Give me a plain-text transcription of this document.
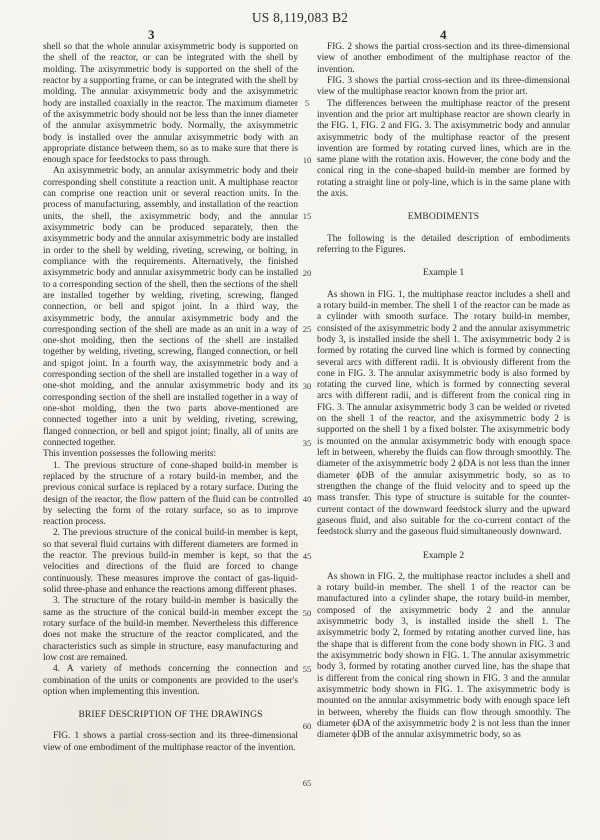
US 8,119,083 B2
3	4

shell so that the whole annular axisymmetric body is supported on the shell of the reactor, or can be integrated with the shell by molding. The axisymmetric body is supported on the shell of the reactor by a supporting frame, or can be integrated with the shell by molding. The annular axisymmetric body and the axisymmetric body are installed coaxially in the reactor. The maximum diameter of the axisymmetric body should not be less than the inner diameter of the annular axisymmetric body. Normally, the axisymmetric body is installed over the annular axisymmetric body with an appropriate distance between them, so as to make sure that there is enough space for feedstocks to pass through.

An axisymmetric body, an annular axisymmetric body and their corresponding shell constitute a reaction unit. A multiphase reactor can comprise one reaction unit or several reaction units. In the process of manufacturing, assembly, and installation of the reaction units, the shell, the axisymmetric body, and the annular axisymmetric body can be produced separately, then the axisymmetric body and the annular axisymmetric body are installed in order to the shell by welding, riveting, screwing, or bolting, in compliance with the requirements. Alternatively, the finished axisymmetric body and annular axisymmetric body can be installed to a corresponding section of the shell, then the sections of the shell are installed together by welding, riveting, screwing, flanged connection, or bell and spigot joint. In a third way, the axisymmetric body, the annular axisymmetric body and the corresponding section of the shell are made as an unit in a way of one-shot molding, then the sections of the shell are installed together by welding, riveting, screwing, flanged connection, or bell and spigot joint. In a fourth way, the axisymmetric body and a corresponding section of the shell are installed together in a way of one-shot molding, and the annular axisymmetric body and its corresponding section of the shell are installed together in a way of one-shot molding, then the two parts above-mentioned are connected together into a unit by welding, riveting, screwing, flanged connection, or bell and spigot joint; finally, all of units are connected together.

This invention possesses the following merits:

1. The previous structure of cone-shaped build-in member is replaced by the structure of a rotary build-in member, and the previous conical surface is replaced by a rotary surface. During the design of the reactor, the flow pattern of the fluid can be controlled by selecting the form of the rotary surface, so as to improve reaction process.

2. The previous structure of the conical build-in member is kept, so that several fluid curtains with different diameters are formed in the reactor. The previous build-in member is kept, so that the velocities and directions of the fluid are forced to change continuously. These measures improve the contact of gas-liquid-solid three-phase and enhance the reactions among different phases.

3. The structure of the rotary build-in member is basically the same as the structure of the conical build-in member except the rotary surface of the build-in member. Nevertheless this difference does not make the structure of the reactor complicated, and the characteristics such as simple in structure, easy manufacturing and low cost are remained.

4. A variety of methods concerning the connection and combination of the units or components are provided to the user's option when implementing this invention.

BRIEF DESCRIPTION OF THE DRAWINGS

FIG. 1 shows a partial cross-section and its three-dimensional view of one embodiment of the multiphase reactor of the invention.

FIG. 2 shows the partial cross-section and its three-dimensional view of another embodiment of the multiphase reactor of the invention.

FIG. 3 shows the partial cross-section and its three-dimensional view of the multiphase reactor known from the prior art.

The differences between the multiphase reactor of the present invention and the prior art multiphase reactor are shown clearly in the FIG. 1, FIG. 2 and FIG. 3. The axisymmetric body and annular axisymmetric body of the multiphase reactor of the present invention are formed by rotating curved lines, which are in the same plane with the rotation axis. However, the cone body and the conical ring in the cone-shaped build-in member are formed by rotating a straight line or poly-line, which is in the same plane with the axis.

EMBODIMENTS

The following is the detailed description of embodiments referring to the Figures.

Example 1

As shown in FIG. 1, the multiphase reactor includes a shell and a rotary build-in member. The shell 1 of the reactor can be made as a cylinder with smooth surface. The rotary build-in member, consisted of the axisymmetric body 2 and the annular axisymmetric body 3, is installed inside the shell 1. The axisymmetric body 2 is formed by rotating the curved line which is formed by connecting several arcs with different radii. It is obviously different from the cone in FIG. 3. The annular axisymmetric body is also formed by rotating the curved line, which is formed by connecting several arcs with different radii, and is different from the conical ring in FIG. 3. The annular axisymmetric body 3 can be welded or riveted on the shell 1 of the reactor, and the axisymmetric body 2 is supported on the shell 1 by a fixed bolster. The axisymmetric body is mounted on the annular axisymmetric body with enough space left in between, whereby the fluids can flow through smoothly. The diameter of the axisymmetric body 2 ϕDA is not less than the inner diameter ϕDB of the annular axisymmetric body, so as to strengthen the change of the fluid velocity and to speed up the mass transfer. This type of structure is suitable for the counter-current contact of the downward feedstock slurry and the upward gaseous fluid, and also suitable for the co-current contact of the feedstock slurry and the gaseous fluid simultaneously downward.

Example 2

As shown in FIG. 2, the multiphase reactor includes a shell and a rotary build-in member. The shell 1 of the reactor can be manufactured into a cylinder shape, the rotary build-in member, composed of the axisymmetric body 2 and the annular axisymmetric body 3, is installed inside the shell 1. The axisymmetric body 2, formed by rotating another curved line, has the shape that is different from the cone body shown in FIG. 3 and the axisymmetric body shown in FIG. 1. The annular axisymmetric body 3, formed by rotating another curved line, has the shape that is different from the conical ring shown in FIG. 3 and the annular axisymmetric body shown in FIG. 1. The axisymmetric body is mounted on the annular axisymmetric body with enough space left in between, whereby the fluids can flow through smoothly. The diameter ϕDA of the axisymmetric body 2 is not less than the inner diameter ϕDB of the annular axisymmetric body, so as

5
10
15
20
25
30
35
40
45
50
55
60
65
